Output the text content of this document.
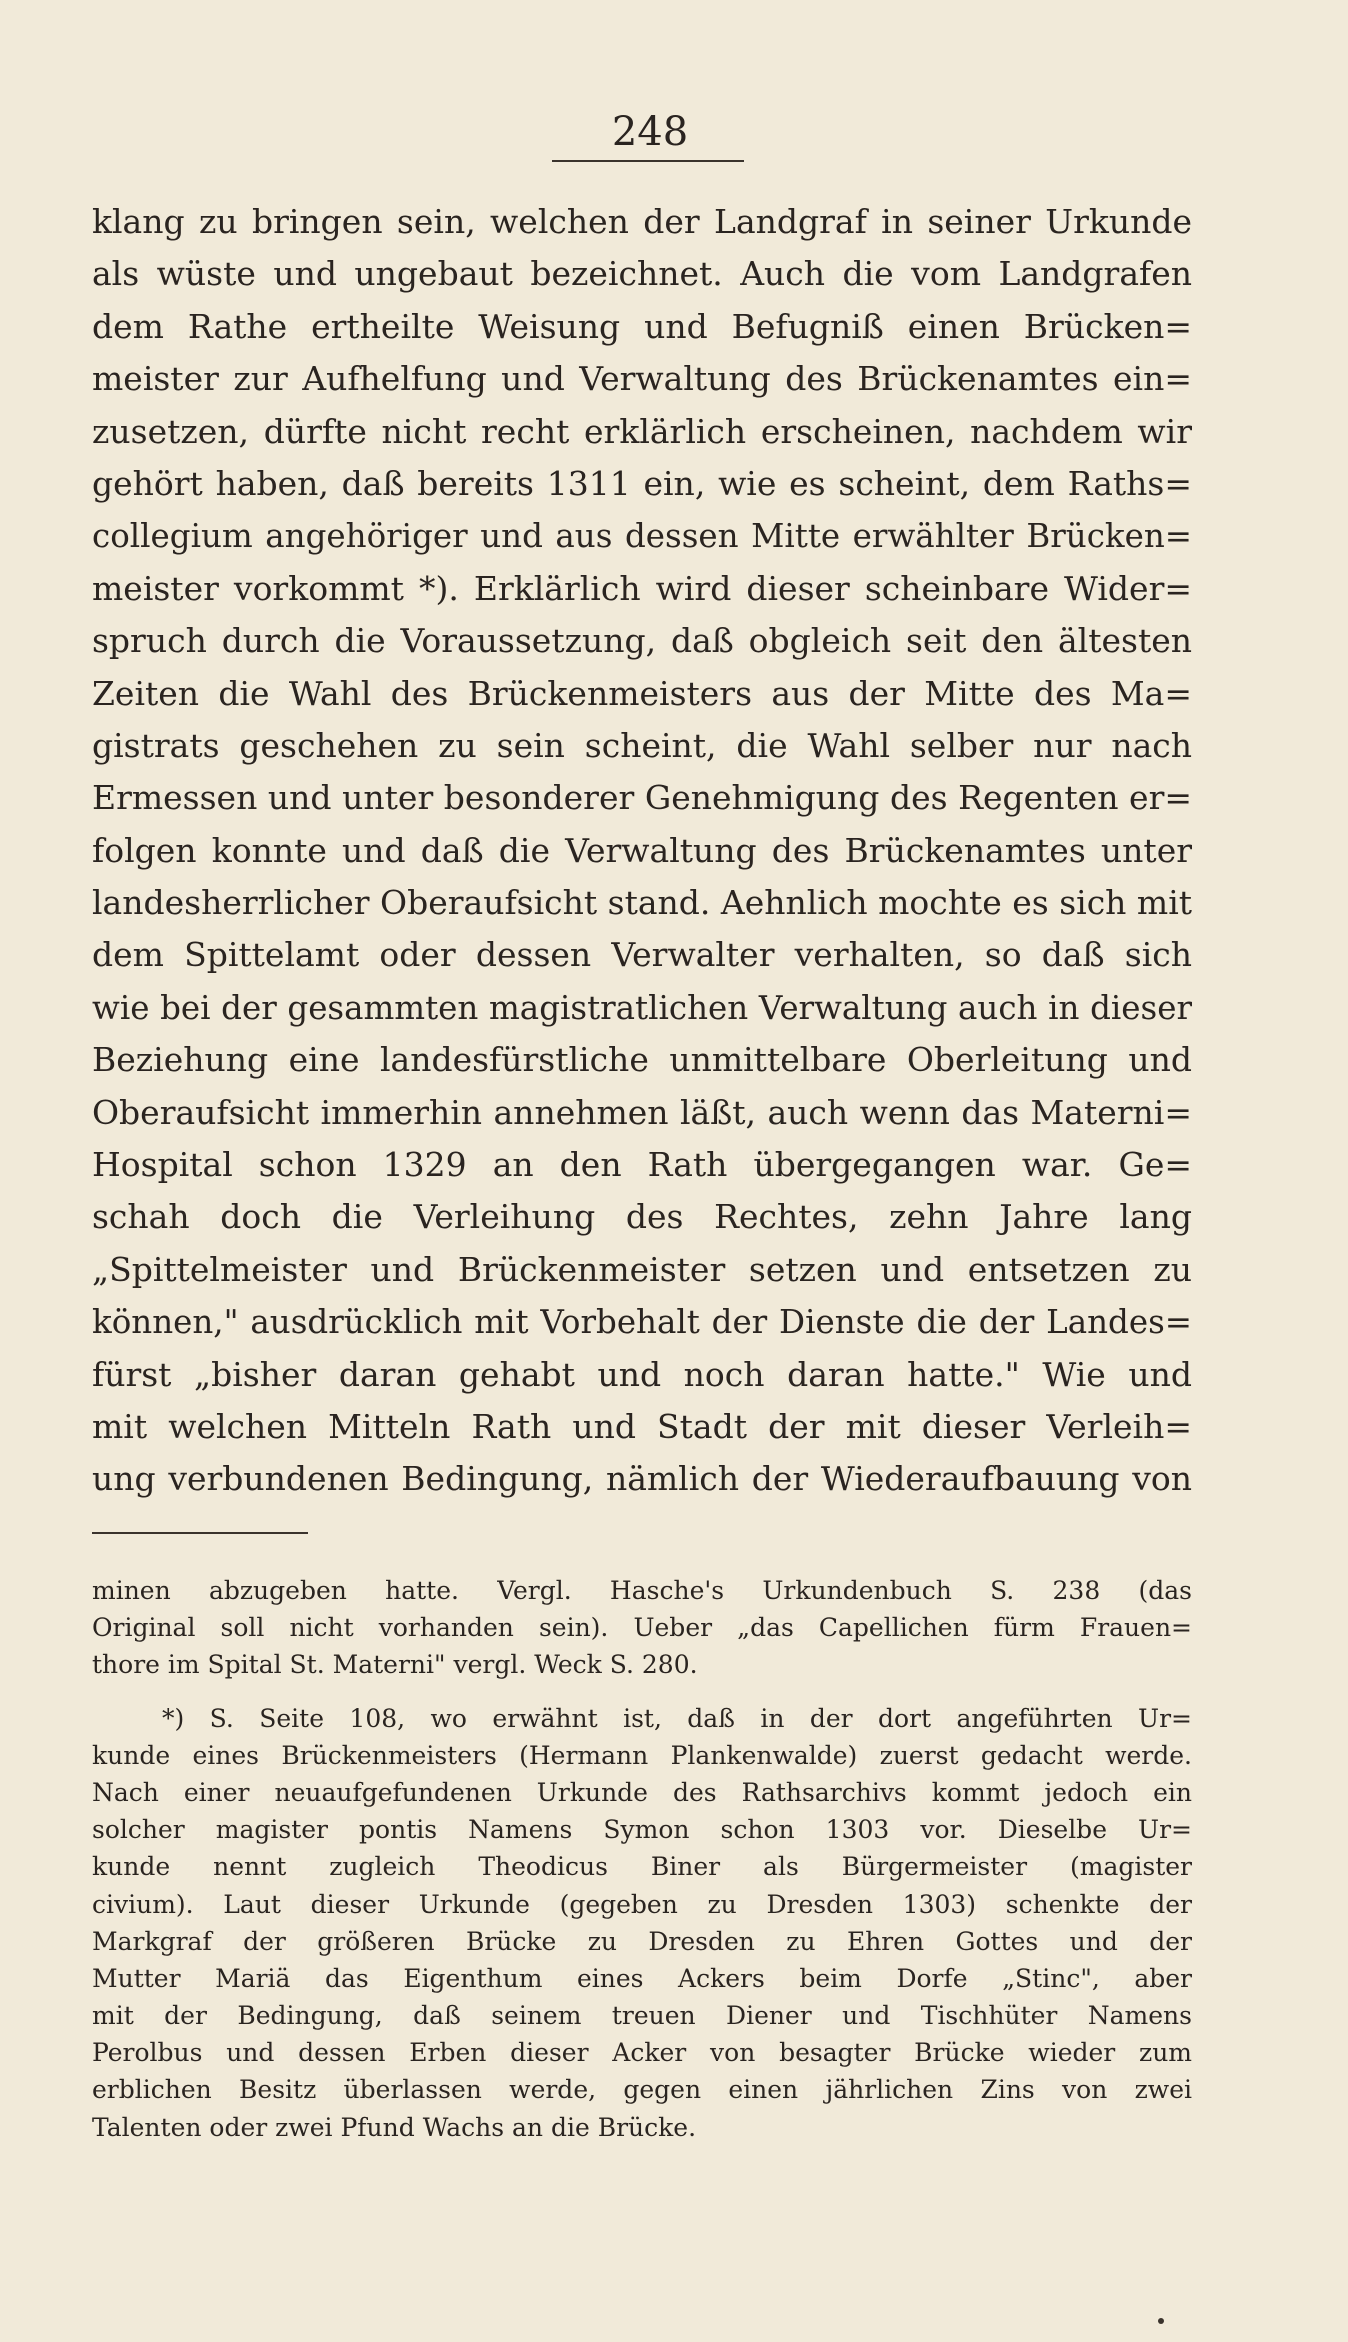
248

klang zu bringen sein, welchen der Landgraf in seiner Urkunde
als wüste und ungebaut bezeichnet. Auch die vom Landgrafen
dem Rathe ertheilte Weisung und Befugniß einen Brücken=
meister zur Aufhelfung und Verwaltung des Brückenamtes ein=
zusetzen, dürfte nicht recht erklärlich erscheinen, nachdem wir
gehört haben, daß bereits 1311 ein, wie es scheint, dem Raths=
collegium angehöriger und aus dessen Mitte erwählter Brücken=
meister vorkommt *). Erklärlich wird dieser scheinbare Wider=
spruch durch die Voraussetzung, daß obgleich seit den ältesten
Zeiten die Wahl des Brückenmeisters aus der Mitte des Ma=
gistrats geschehen zu sein scheint, die Wahl selber nur nach
Ermessen und unter besonderer Genehmigung des Regenten er=
folgen konnte und daß die Verwaltung des Brückenamtes unter
landesherrlicher Oberaufsicht stand. Aehnlich mochte es sich mit
dem Spittelamt oder dessen Verwalter verhalten, so daß sich
wie bei der gesammten magistratlichen Verwaltung auch in dieser
Beziehung eine landesfürstliche unmittelbare Oberleitung und
Oberaufsicht immerhin annehmen läßt, auch wenn das Materni=
Hospital schon 1329 an den Rath übergegangen war. Ge=
schah doch die Verleihung des Rechtes, zehn Jahre lang
„Spittelmeister und Brückenmeister setzen und entsetzen zu
können," ausdrücklich mit Vorbehalt der Dienste die der Landes=
fürst „bisher daran gehabt und noch daran hatte." Wie und
mit welchen Mitteln Rath und Stadt der mit dieser Verleih=
ung verbundenen Bedingung, nämlich der Wiederaufbauung von
minen abzugeben hatte. Vergl. Hasche's Urkundenbuch S. 238 (das
Original soll nicht vorhanden sein). Ueber „das Capellichen fürm Frauen=
thore im Spital St. Materni" vergl. Weck S. 280.
*) S. Seite 108, wo erwähnt ist, daß in der dort angeführten Ur=
kunde eines Brückenmeisters (Hermann Plankenwalde) zuerst gedacht werde.
Nach einer neuaufgefundenen Urkunde des Rathsarchivs kommt jedoch ein
solcher magister pontis Namens Symon schon 1303 vor. Dieselbe Ur=
kunde nennt zugleich Theodicus Biner als Bürgermeister (magister
civium). Laut dieser Urkunde (gegeben zu Dresden 1303) schenkte der
Markgraf der größeren Brücke zu Dresden zu Ehren Gottes und der
Mutter Mariä das Eigenthum eines Ackers beim Dorfe „Stinc", aber
mit der Bedingung, daß seinem treuen Diener und Tischhüter Namens
Perolbus und dessen Erben dieser Acker von besagter Brücke wieder zum
erblichen Besitz überlassen werde, gegen einen jährlichen Zins von zwei
Talenten oder zwei Pfund Wachs an die Brücke.
